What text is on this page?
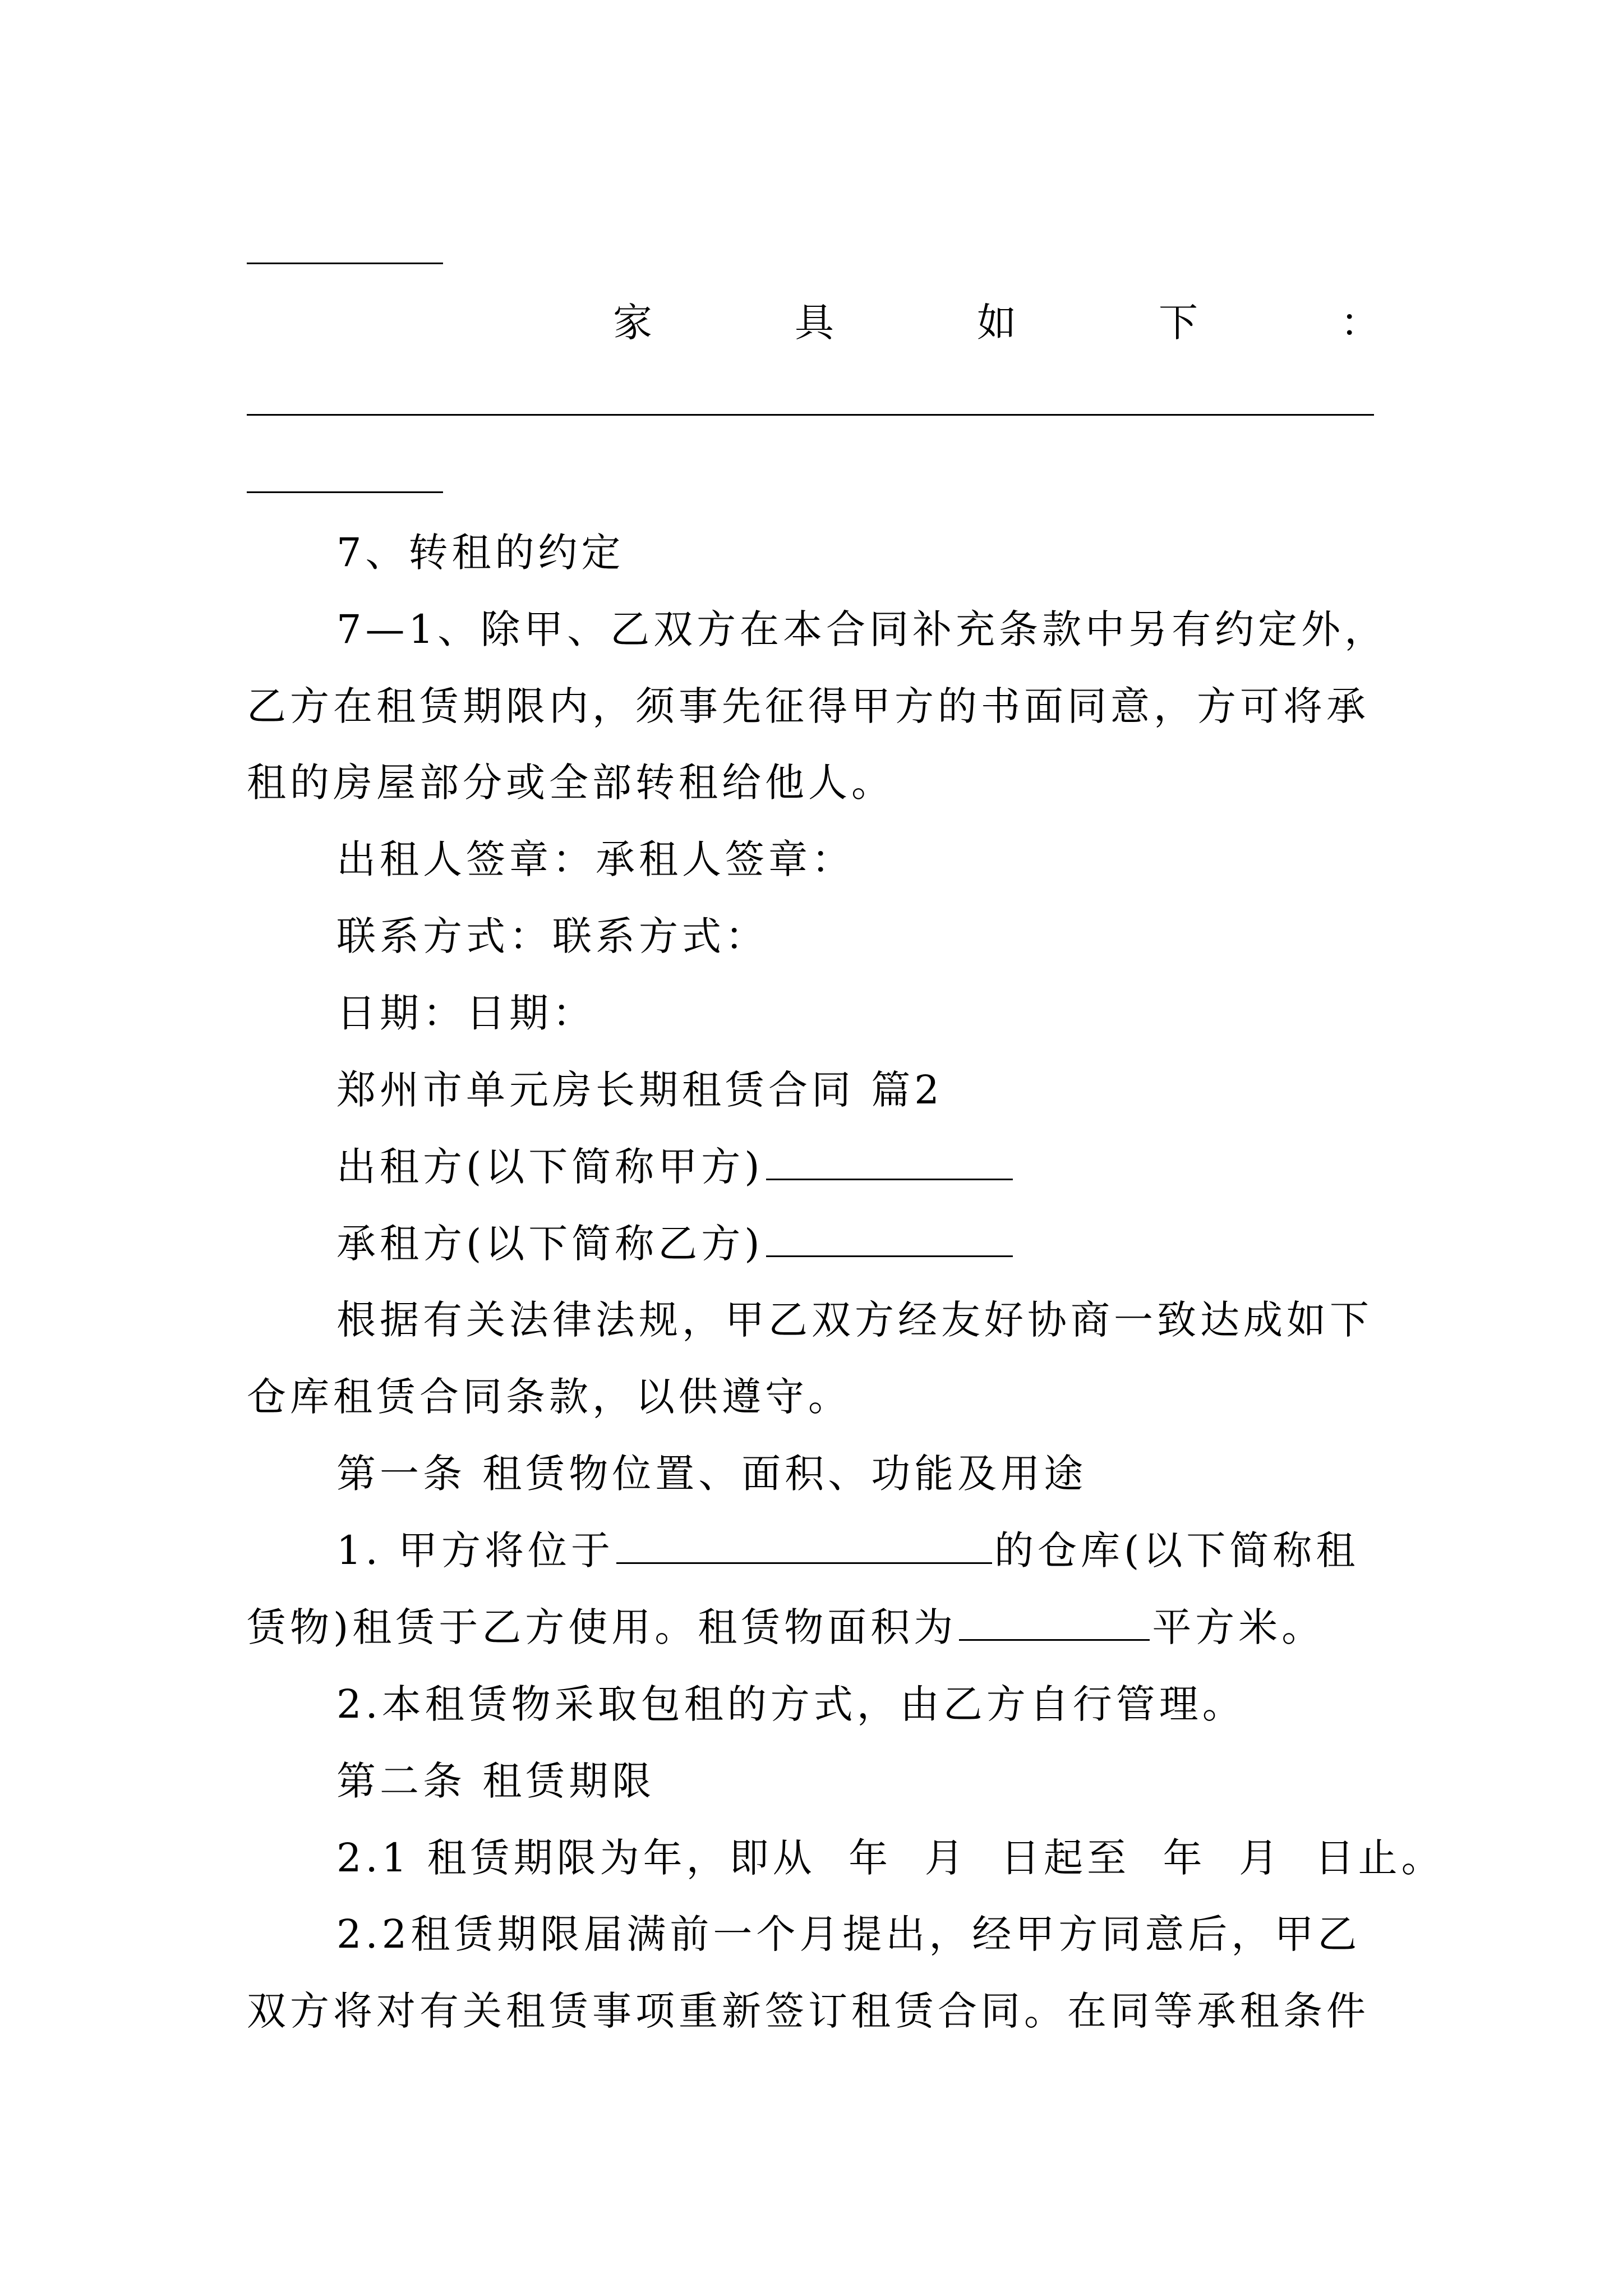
家	具	如	下	：
7、转租的约定
7—1、除甲、乙双方在本合同补充条款中另有约定外，
乙方在租赁期限内，须事先征得甲方的书面同意，方可将承
租的房屋部分或全部转租给他人。
出租人签章：承租人签章：
联系方式：联系方式：
日期：日期：
郑州市单元房长期租赁合同 篇2
出租方(以下简称甲方)
承租方(以下简称乙方)
根据有关法律法规，甲乙双方经友好协商一致达成如下
仓库租赁合同条款，以供遵守。
第一条 租赁物位置、面积、功能及用途
1. 甲方将位于	的仓库(以下简称租
赁物)租赁于乙方使用。租赁物面积为	平方米。
2.本租赁物采取包租的方式，由乙方自行管理。
第二条 租赁期限
2.1 租赁期限为年，即从  年  月  日起至  年  月  日止。
2.2租赁期限届满前一个月提出，经甲方同意后，甲乙
双方将对有关租赁事项重新签订租赁合同。在同等承租条件
